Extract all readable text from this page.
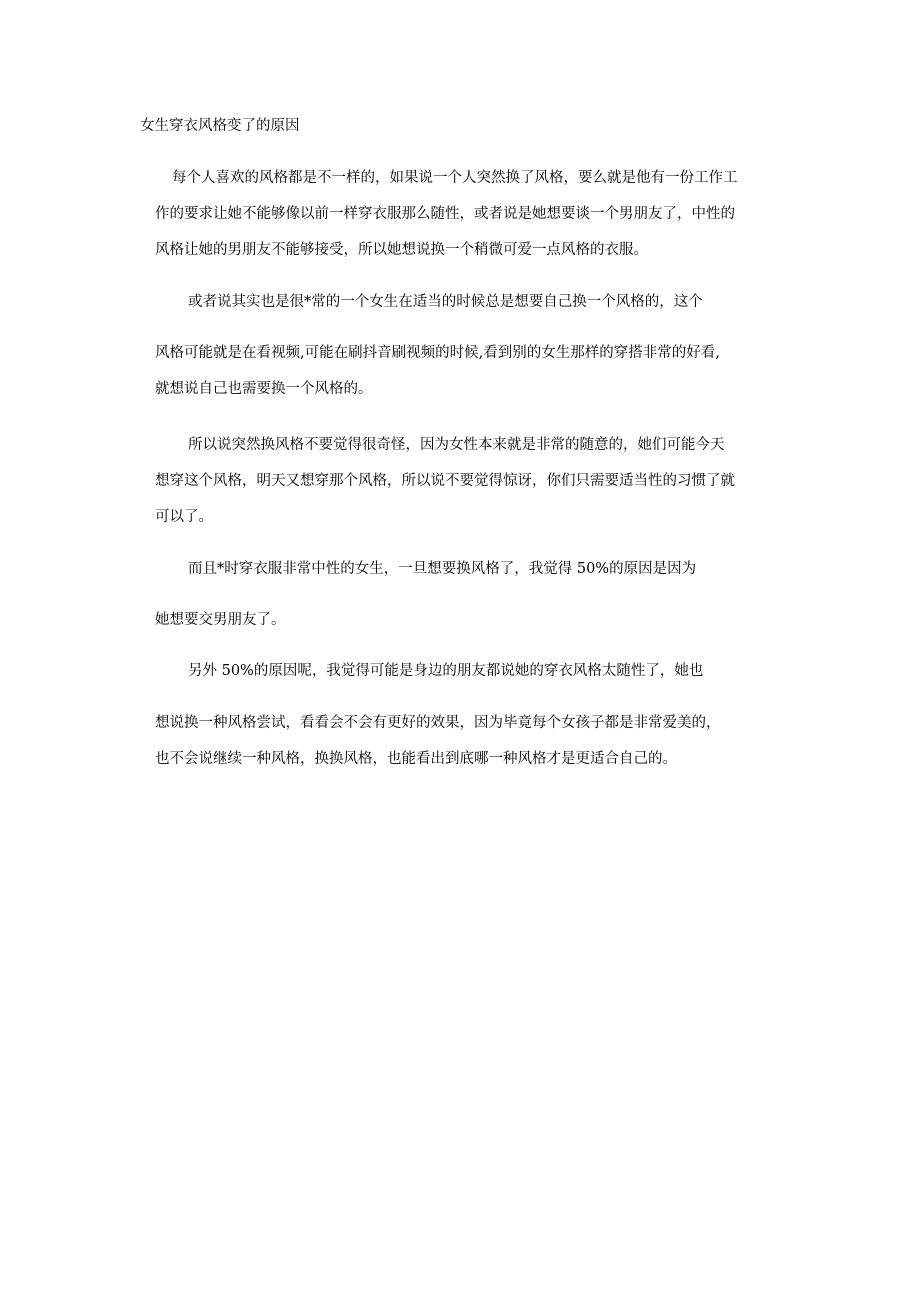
女生穿衣风格变了的原因

每个人喜欢的风格都是不一样的，如果说一个人突然换了风格，要么就是他有一份工作工

作的要求让她不能够像以前一样穿衣服那么随性，或者说是她想要谈一个男朋友了，中性的

风格让她的男朋友不能够接受，所以她想说换一个稍微可爱一点风格的衣服。

或者说其实也是很*常的一个女生在适当的时候总是想要自己换一个风格的，这个

风格可能就是在看视频,可能在刷抖音刷视频的时候,看到别的女生那样的穿搭非常的好看,

就想说自己也需要换一个风格的。

所以说突然换风格不要觉得很奇怪，因为女性本来就是非常的随意的，她们可能今天

想穿这个风格，明天又想穿那个风格，所以说不要觉得惊讶，你们只需要适当性的习惯了就

可以了。

而且*时穿衣服非常中性的女生，一旦想要换风格了，我觉得 50%的原因是因为

她想要交男朋友了。

另外 50%的原因呢，我觉得可能是身边的朋友都说她的穿衣风格太随性了，她也

想说换一种风格尝试，看看会不会有更好的效果，因为毕竟每个女孩子都是非常爱美的，

也不会说继续一种风格，换换风格，也能看出到底哪一种风格才是更适合自己的。
